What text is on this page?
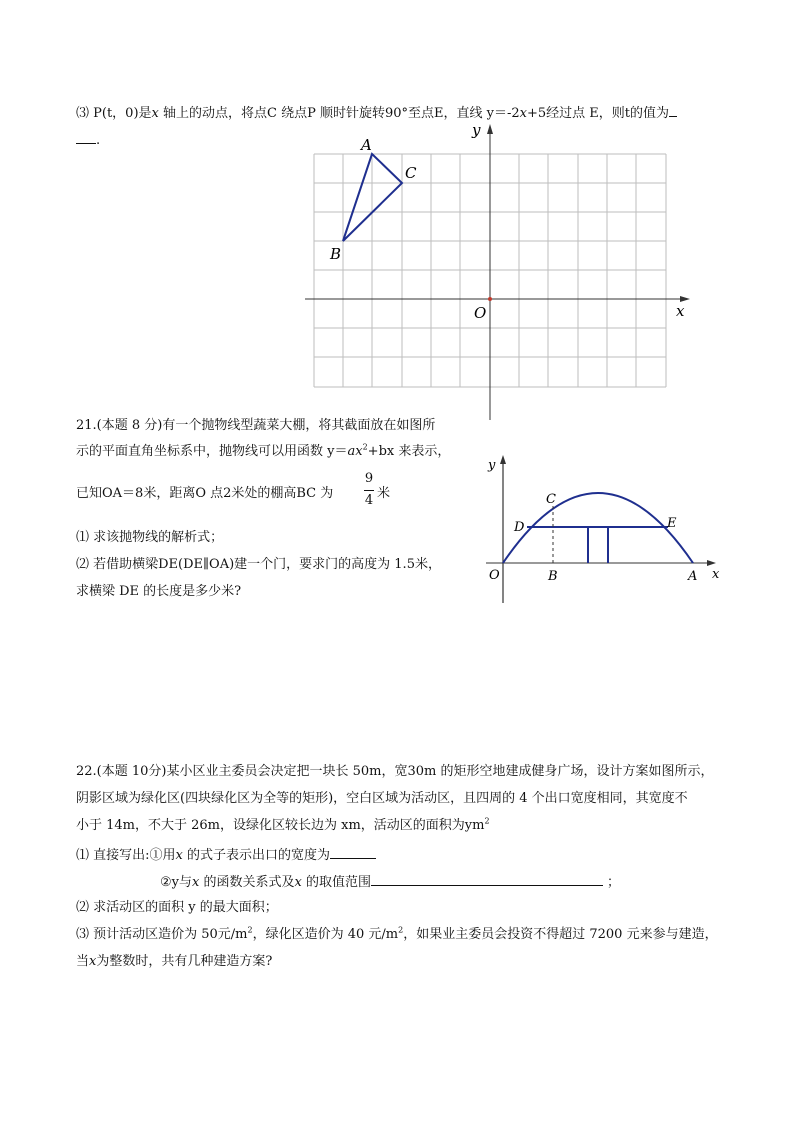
⑶ P(t，0)是x 轴上的动点，将点C 绕点P 顺时针旋转90°至点E，直线 y＝-2x+5经过点 E，则t的值为
.	A
C
B
O	x
y
21.(本题 8 分)有一个抛物线型蔬菜大棚，将其截面放在如图所
示的平面直角坐标系中，抛物线可以用函数 $y=ax^2+bx$ 来表示，
已知OA＝8米，距离O 点2米处的棚高BC 为
9
4 米
⑴ 求该抛物线的解析式；
⑵ 若借助横梁DE(DE∥OA)建一个门，要求门的高度为 1.5米，
求横梁 DE 的长度是多少米?
y
x
O	A
B
C
D	E
22.(本题 10分)某小区业主委员会决定把一块长 50m，宽30m 的矩形空地建成健身广场，设计方案如图所示，
阴影区域为绿化区(四块绿化区为全等的矩形)，空白区域为活动区，且四周的 4 个出口宽度相同，其宽度不
小于 14m，不大于 26m，设绿化区较长边为 xm，活动区的面积为$ym^2$
⑴ 直接写出:①用x 的式子表示出口的宽度为
②y与x 的函数关系式及x 的取值范围	；
⑵ 求活动区的面积 y 的最大面积；
⑶ 预计活动区造价为 50元$/m^2$，绿化区造价为 40 元$/m^2$，如果业主委员会投资不得超过 7200 元来参与建造，
当x为整数时，共有几种建造方案?
